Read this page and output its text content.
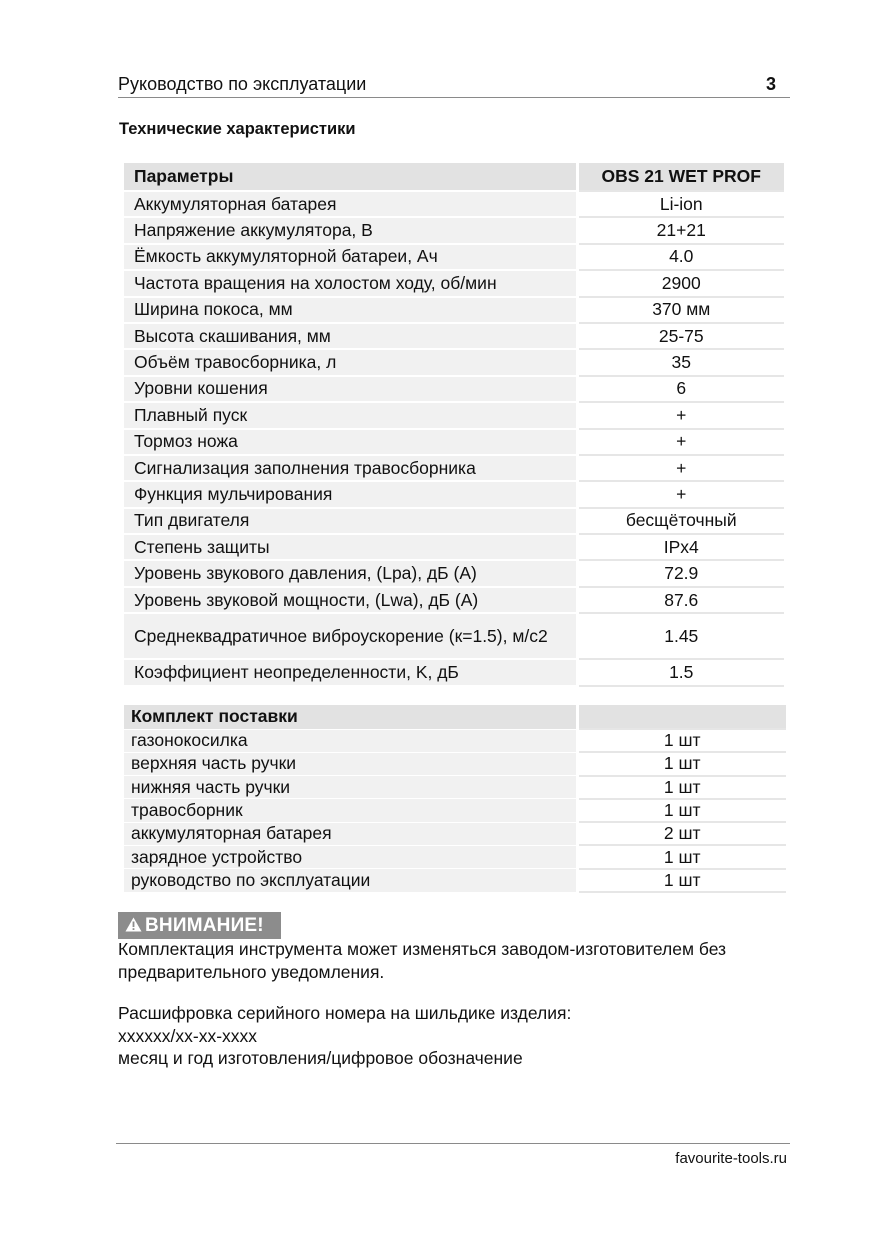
Руководство по эксплуатации	3
Технические характеристики
Параметры	OBS 21 WET PROF
Аккумуляторная батарея	Li-ion
Напряжение аккумулятора, В	21+21
Ёмкость аккумуляторной батареи, Ач	4.0
Частота вращения на холостом ходу, об/мин	2900
Ширина покоса, мм	370 мм
Высота скашивания, мм	25-75
Объём травосборника, л	35
Уровни кошения	6
Плавный пуск	+
Тормоз ножа	+
Сигнализация заполнения травосборника	+
Функция мульчирования	+
Тип двигателя	бесщёточный
Степень защиты	IPx4
Уровень звукового давления, (Lpa), дБ (А)	72.9
Уровень звуковой мощности, (Lwa), дБ (А)	87.6
Среднеквадратичное виброускорение (к=1.5), м/с2	1.45
Коэффициент неопределенности, K, дБ	1.5
Комплект поставки	
газонокосилка	1 шт
верхняя часть ручки	1 шт
нижняя часть ручки	1 шт
травосборник	1 шт
аккумуляторная батарея	2 шт
зарядное устройство	1 шт
руководство по эксплуатации	1 шт
ВНИМАНИЕ!
Комплектация инструмента может изменяться заводом-изготовителем без предварительного уведомления.
Расшифровка серийного номера на шильдике изделия:
xxxxxx/xx-xx-xxxx
месяц и год изготовления/цифровое обозначение
favourite-tools.ru
